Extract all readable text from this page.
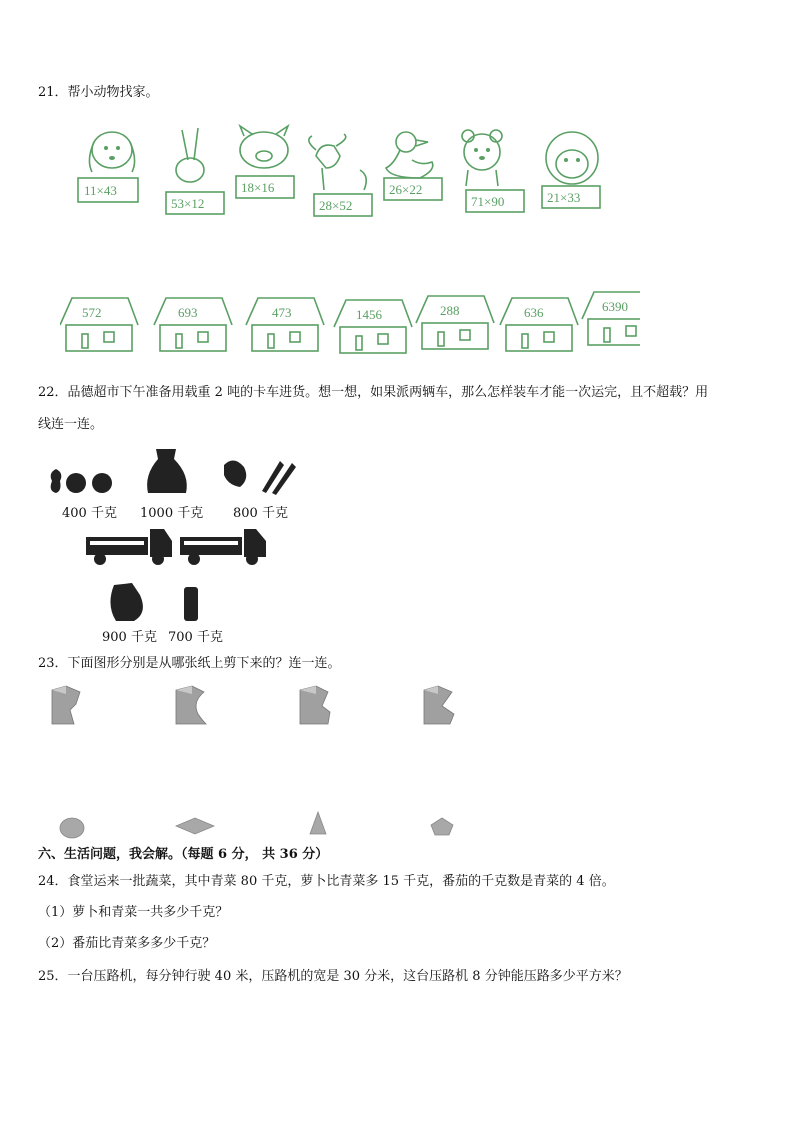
21．帮小动物找家。
11×43
53×12
18×16
28×52
26×22
71×90	21×33
572	693	473	1456	288	636	6390
22．品德超市下午准备用载重 2 吨的卡车进货。想一想，如果派两辆车，那么怎样装车才能一次运完，且不超载？用
线连一连。
400 千克 1000 千克 800 千克
900 千克 700 千克
23．下面图形分别是从哪张纸上剪下来的？连一连。
六、生活问题，我会解。（每题 6 分， 共 36 分）
24．食堂运来一批蔬菜，其中青菜 80 千克，萝卜比青菜多 15 千克，番茄的千克数是青菜的 4 倍。
（1）萝卜和青菜一共多少千克？
（2）番茄比青菜多多少千克？
25．一台压路机，每分钟行驶 40 米，压路机的宽是 30 分米，这台压路机 8 分钟能压路多少平方米？
